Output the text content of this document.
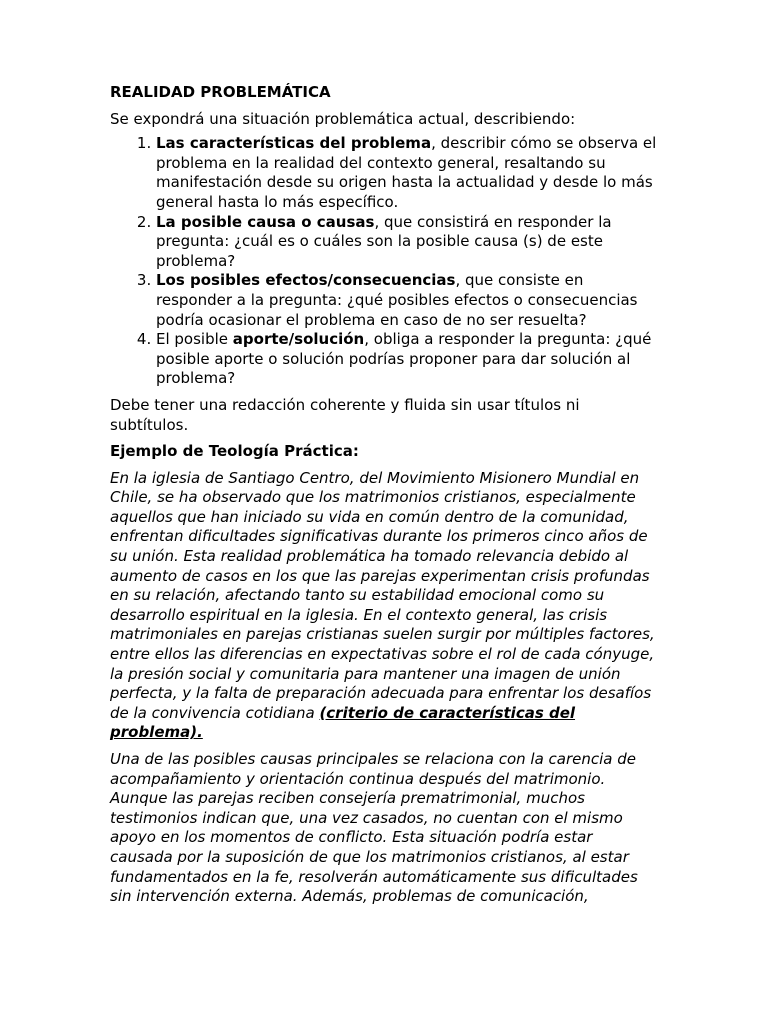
REALIDAD PROBLEMÁTICA

Se expondrá una situación problemática actual, describiendo:

1. Las características del problema, describir cómo se observa el problema en la realidad del contexto general, resaltando su manifestación desde su origen hasta la actualidad y desde lo más general hasta lo más específico.
2. La posible causa o causas, que consistirá en responder la pregunta: ¿cuál es o cuáles son la posible causa (s) de este problema?
3. Los posibles efectos/consecuencias, que consiste en responder a la pregunta: ¿qué posibles efectos o consecuencias podría ocasionar el problema en caso de no ser resuelta?
4. El posible aporte/solución, obliga a responder la pregunta: ¿qué posible aporte o solución podrías proponer para dar solución al problema?

Debe tener una redacción coherente y fluida sin usar títulos ni subtítulos.

Ejemplo de Teología Práctica:

En la iglesia de Santiago Centro, del Movimiento Misionero Mundial en Chile, se ha observado que los matrimonios cristianos, especialmente aquellos que han iniciado su vida en común dentro de la comunidad, enfrentan dificultades significativas durante los primeros cinco años de su unión. Esta realidad problemática ha tomado relevancia debido al aumento de casos en los que las parejas experimentan crisis profundas en su relación, afectando tanto su estabilidad emocional como su desarrollo espiritual en la iglesia. En el contexto general, las crisis matrimoniales en parejas cristianas suelen surgir por múltiples factores, entre ellos las diferencias en expectativas sobre el rol de cada cónyuge, la presión social y comunitaria para mantener una imagen de unión perfecta, y la falta de preparación adecuada para enfrentar los desafíos de la convivencia cotidiana (criterio de características del problema).

Una de las posibles causas principales se relaciona con la carencia de acompañamiento y orientación continua después del matrimonio. Aunque las parejas reciben consejería prematrimonial, muchos testimonios indican que, una vez casados, no cuentan con el mismo apoyo en los momentos de conflicto. Esta situación podría estar causada por la suposición de que los matrimonios cristianos, al estar fundamentados en la fe, resolverán automáticamente sus dificultades sin intervención externa. Además, problemas de comunicación,
